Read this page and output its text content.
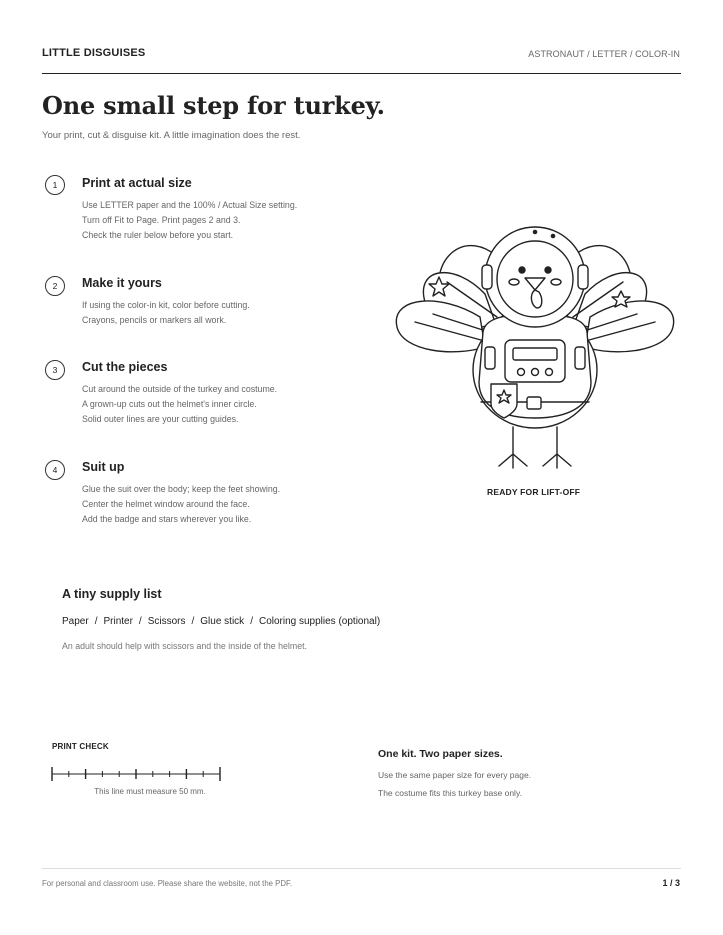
LITTLE DISGUISES	ASTRONAUT / LETTER / COLOR-IN
One small step for turkey.
Your print, cut & disguise kit. A little imagination does the rest.
1	Print at actual size
Use LETTER paper and the 100% / Actual Size setting.
Turn off Fit to Page. Print pages 2 and 3.
Check the ruler below before you start.
2	Make it yours
If using the color-in kit, color before cutting.
Crayons, pencils or markers all work.
3	Cut the pieces
Cut around the outside of the turkey and costume.
A grown-up cuts out the helmet's inner circle.
Solid outer lines are your cutting guides.
4	Suit up
Glue the suit over the body; keep the feet showing.
Center the helmet window around the face.
Add the badge and stars wherever you like.
READY FOR LIFT-OFF
A tiny supply list
Paper / Printer / Scissors / Glue stick / Coloring supplies (optional)
An adult should help with scissors and the inside of the helmet.
PRINT CHECK
This line must measure 50 mm.
One kit. Two paper sizes.
Use the same paper size for every page.
The costume fits this turkey base only.
For personal and classroom use. Please share the website, not the PDF.	1 / 3
